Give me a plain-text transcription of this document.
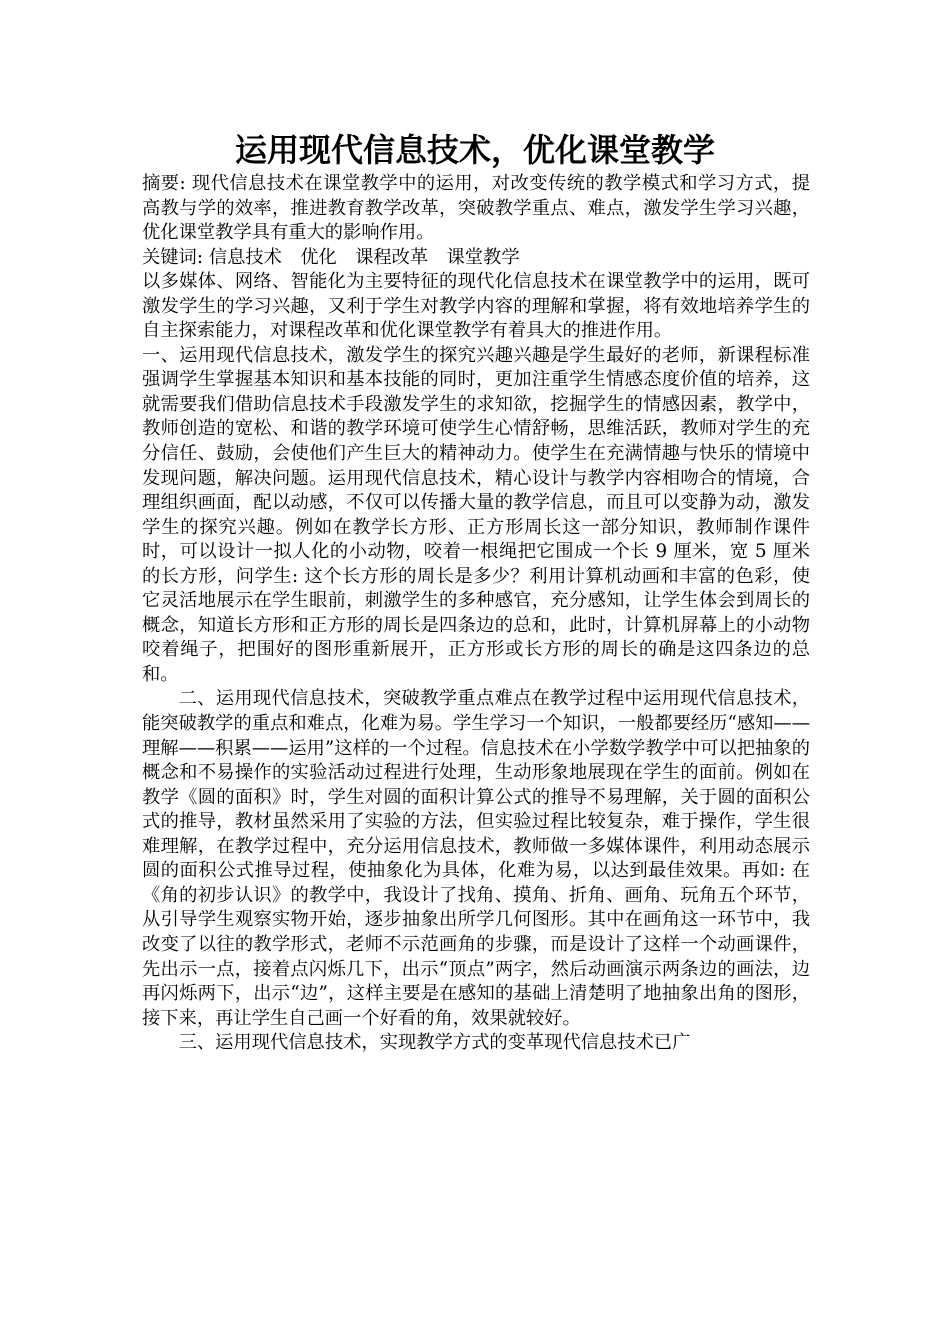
运用现代信息技术，优化课堂教学

摘要: 现代信息技术在课堂教学中的运用，对改变传统的教学模式和学习方式，提高教与学的效率，推进教育教学改革，突破教学重点、难点，激发学生学习兴趣，优化课堂教学具有重大的影响作用。

关键词: 信息技术　优化　课程改革　课堂教学

以多媒体、网络、智能化为主要特征的现代化信息技术在课堂教学中的运用，既可激发学生的学习兴趣，又利于学生对教学内容的理解和掌握，将有效地培养学生的自主探索能力，对课程改革和优化课堂教学有着具大的推进作用。

一、运用现代信息技术，激发学生的探究兴趣兴趣是学生最好的老师，新课程标准强调学生掌握基本知识和基本技能的同时，更加注重学生情感态度价值的培养，这就需要我们借助信息技术手段激发学生的求知欲，挖掘学生的情感因素，教学中，教师创造的宽松、和谐的教学环境可使学生心情舒畅，思维活跃，教师对学生的充分信任、鼓励，会使他们产生巨大的精神动力。使学生在充满情趣与快乐的情境中发现问题，解决问题。运用现代信息技术，精心设计与教学内容相吻合的情境，合理组织画面，配以动感，不仅可以传播大量的教学信息，而且可以变静为动，激发学生的探究兴趣。例如在教学长方形、正方形周长这一部分知识，教师制作课件时，可以设计一拟人化的小动物，咬着一根绳把它围成一个长 9 厘米，宽 5 厘米的长方形，问学生: 这个长方形的周长是多少？利用计算机动画和丰富的色彩，使它灵活地展示在学生眼前，刺激学生的多种感官，充分感知，让学生体会到周长的概念，知道长方形和正方形的周长是四条边的总和，此时，计算机屏幕上的小动物咬着绳子，把围好的图形重新展开，正方形或长方形的周长的确是这四条边的总和。

二、运用现代信息技术，突破教学重点难点在教学过程中运用现代信息技术，能突破教学的重点和难点，化难为易。学生学习一个知识，一般都要经历“感知——理解——积累——运用”这样的一个过程。信息技术在小学数学教学中可以把抽象的概念和不易操作的实验活动过程进行处理，生动形象地展现在学生的面前。例如在教学《圆的面积》时，学生对圆的面积计算公式的推导不易理解，关于圆的面积公式的推导，教材虽然采用了实验的方法，但实验过程比较复杂，难于操作，学生很难理解，在教学过程中，充分运用信息技术，教师做一多媒体课件，利用动态展示圆的面积公式推导过程，使抽象化为具体，化难为易，以达到最佳效果。再如: 在《角的初步认识》的教学中，我设计了找角、摸角、折角、画角、玩角五个环节，从引导学生观察实物开始，逐步抽象出所学几何图形。其中在画角这一环节中，我改变了以往的教学形式，老师不示范画角的步骤，而是设计了这样一个动画课件，先出示一点，接着点闪烁几下，出示“顶点”两字，然后动画演示两条边的画法，边再闪烁两下，出示“边”，这样主要是在感知的基础上清楚明了地抽象出角的图形，接下来，再让学生自己画一个好看的角，效果就较好。

三、运用现代信息技术，实现教学方式的变革现代信息技术已广
